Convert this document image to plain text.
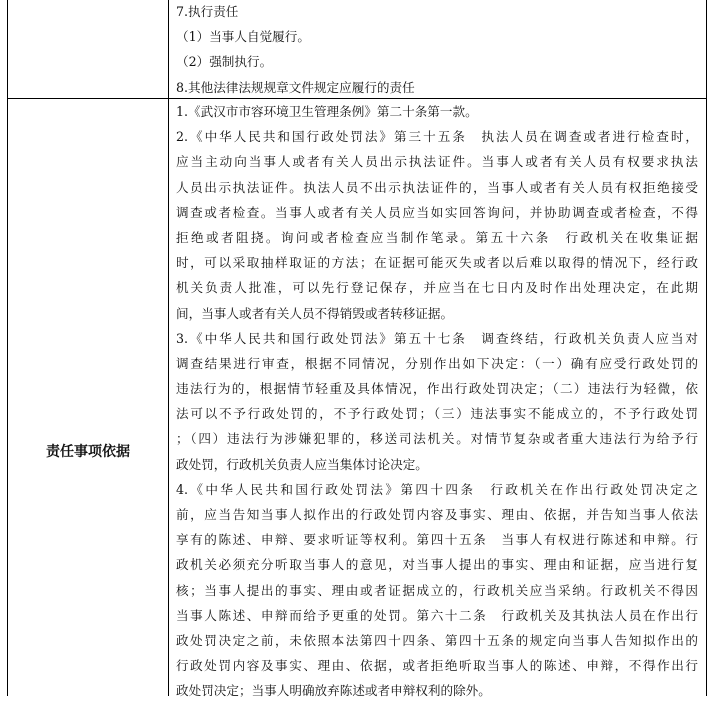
7.执行责任
（1）当事人自觉履行。
（2）强制执行。
8.其他法律法规规章文件规定应履行的责任
责任事项依据
1.《武汉市市容环境卫生管理条例》第二十条第一款。
2.《中华人民共和国行政处罚法》第三十五条　执法人员在调查或者进行检查时，
应当主动向当事人或者有关人员出示执法证件。当事人或者有关人员有权要求执法
人员出示执法证件。执法人员不出示执法证件的，当事人或者有关人员有权拒绝接受
调查或者检查。当事人或者有关人员应当如实回答询问，并协助调查或者检查，不得
拒绝或者阻挠。询问或者检查应当制作笔录。第五十六条　行政机关在收集证据
时，可以采取抽样取证的方法；在证据可能灭失或者以后难以取得的情况下，经行政
机关负责人批准，可以先行登记保存，并应当在七日内及时作出处理决定，在此期
间，当事人或者有关人员不得销毁或者转移证据。
3.《中华人民共和国行政处罚法》第五十七条　调查终结，行政机关负责人应当对
调查结果进行审查，根据不同情况，分别作出如下决定：（一）确有应受行政处罚的
违法行为的，根据情节轻重及具体情况，作出行政处罚决定；（二）违法行为轻微，依
法可以不予行政处罚的，不予行政处罚；（三）违法事实不能成立的，不予行政处罚
；（四）违法行为涉嫌犯罪的，移送司法机关。对情节复杂或者重大违法行为给予行
政处罚，行政机关负责人应当集体讨论决定。
4.《中华人民共和国行政处罚法》第四十四条　行政机关在作出行政处罚决定之
前，应当告知当事人拟作出的行政处罚内容及事实、理由、依据，并告知当事人依法
享有的陈述、申辩、要求听证等权利。第四十五条　当事人有权进行陈述和申辩。行
政机关必须充分听取当事人的意见，对当事人提出的事实、理由和证据，应当进行复
核；当事人提出的事实、理由或者证据成立的，行政机关应当采纳。行政机关不得因
当事人陈述、申辩而给予更重的处罚。第六十二条　行政机关及其执法人员在作出行
政处罚决定之前，未依照本法第四十四条、第四十五条的规定向当事人告知拟作出的
行政处罚内容及事实、理由、依据，或者拒绝听取当事人的陈述、申辩，不得作出行
政处罚决定；当事人明确放弃陈述或者申辩权利的除外。
